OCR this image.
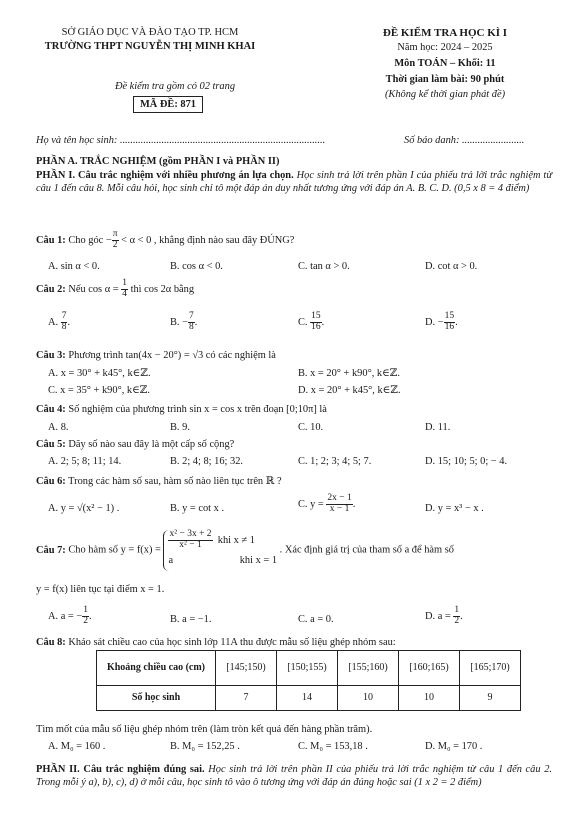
SỞ GIÁO DỤC VÀ ĐÀO TẠO TP. HCM
TRƯỜNG THPT NGUYỄN THỊ MINH KHAI
Đề kiểm tra gồm có 02 trang
MÃ ĐỀ: 871
ĐỀ KIỂM TRA HỌC KÌ I
Năm học: 2024 – 2025
Môn TOÁN – Khối: 11
Thời gian làm bài: 90 phút
(Không kể thời gian phát đề)
Họ và tên học sinh: ...............................................................................	Số báo danh: ........................
PHẦN A. TRẮC NGHIỆM (gồm PHẦN I và PHẦN II)
PHẦN I. Câu trắc nghiệm với nhiều phương án lựa chọn. Học sinh trả lời trên phần I của phiếu trả lời trắc nghiệm từ câu 1 đến câu 8. Mỗi câu hỏi, học sinh chỉ tô một đáp án duy nhất tương ứng với đáp án A. B. C. D. (0,5 x 8 = 4 điểm)
Câu 1: Cho góc − $\frac{\pi}{2} < \alpha < 0$ , khẳng định nào sau đây ĐÚNG?
A. sin α < 0.	B. cos α < 0.	C. tan α > 0.	D. cot α > 0.
Câu 2: Nếu $\cos \alpha = \frac{1}{4}$ thì cos 2α bằng
A. $\frac{7}{8}$ .	B. − $\frac{7}{8}$ .	C. $\frac{15}{16}$ .	D. − $\frac{15}{16}$ .
Câu 3: Phương trình tan(4x − 20°) = √3 có các nghiệm là
A. x = 30° + k45°, k∈ℤ.	B. x = 20° + k90°, k∈ℤ.
C. x = 35° + k90°, k∈ℤ.	D. x = 20° + k45°, k∈ℤ.
Câu 4: Số nghiệm của phương trình sin x = cos x trên đoạn [0;10π] là
A. 8.	B. 9.	C. 10.	D. 11.
Câu 5: Dãy số nào sau đây là một cấp số cộng?
A. 2; 5; 8; 11; 14.	B. 2; 4; 8; 16; 32.	C. 1; 2; 3; 4; 5; 7.	D. 15; 10; 5; 0; − 4.
Câu 6: Trong các hàm số sau, hàm số nào liên tục trên ℝ ?
A. y = √(x² − 1) .	B. y = cot x .	C. $y = \frac{2x - 1}{x - 1}$ .	D. y = x³ − x .
Câu 7: Cho hàm số $y = f(x) = \frac{\text{x² − 3x + 2}}{\text{x² − 1}}$ khi x ≠ 1
a	khi x = 1 . Xác định giá trị của tham số a để hàm số
y = f(x) liên tục tại điểm x = 1.
A. a = − $\frac{1}{2}$ .	B. a = −1.	C. a = 0.	D. $a = \frac{1}{2}$ .
Câu 8: Khảo sát chiều cao của học sinh lớp 11A thu được mẫu số liệu ghép nhóm sau:
Khoảng chiều cao (cm)	[145;150)	[150;155)	[155;160)	[160;165)	[165;170)
Số học sinh	7	14	10	10	9
Tìm mốt của mẫu số liệu ghép nhóm trên (làm tròn kết quả đến hàng phần trăm).
A. M₀ = 160 .	B. M₀ = 152,25 .	C. M₀ = 153,18 .	D. M₀ = 170 .
PHẦN II. Câu trắc nghiệm đúng sai. Học sinh trả lời trên phần II của phiếu trả lời trắc nghiệm từ câu 1 đến câu 2. Trong mỗi ý a), b), c), d) ở mỗi câu, học sinh tô vào ô tương ứng với đáp án đúng hoặc sai (1 x 2 = 2 điểm)
